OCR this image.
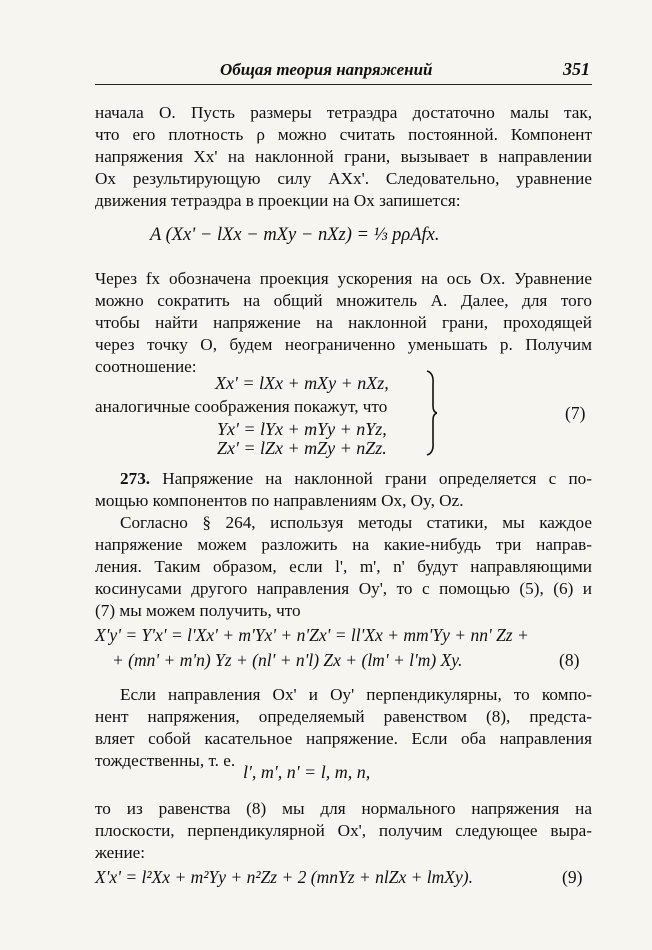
Общая теория напряжений	351
начала O. Пусть размеры тетраэдра достаточно малы так,
что его плотность ρ можно считать постоянной. Компонент
напряжения Xx' на наклонной грани, вызывает в направлении
Ox результирующую силу AXx'. Следовательно, уравнение
движения тетраэдра в проекции на Ox запишется:
A (Xx' − lXx − mXy − nXz) = ⅓ pρAfx.
Через fx обозначена проекция ускорения на ось Ox. Уравнение
можно сократить на общий множитель A. Далее, для того
чтобы найти напряжение на наклонной грани, проходящей
через точку O, будем неограниченно уменьшать p. Получим
соотношение:
Xx' = lXx + mXy + nXz,
аналогичные соображения покажут, что
Yx' = lYx + mYy + nYz,
Zx' = lZx + mZy + nZz.
(7)
273. Напряжение на наклонной грани определяется с по-
мощью компонентов по направлениям Ox, Oy, Oz.
Согласно § 264, используя методы статики, мы каждое
напряжение можем разложить на какие-нибудь три направ-
ления. Таким образом, если l', m', n' будут направляющими
косинусами другого направления Oy', то с помощью (5), (6) и
(7) мы можем получить, что
X'y' = Y'x' = l'Xx' + m'Yx' + n'Zx' = ll'Xx + mm'Yy + nn' Zz +
+ (mn' + m'n) Yz + (nl' + n'l) Zx + (lm' + l'm) Xy.	(8)
Если направления Ox' и Oy' перпендикулярны, то компо-
нент напряжения, определяемый равенством (8), предста-
вляет собой касательное напряжение. Если оба направления
тождественны, т. е.
l', m', n' = l, m, n,
то из равенства (8) мы для нормального напряжения на
плоскости, перпендикулярной Ox', получим следующее выра-
жение:
X'x' = l²Xx + m²Yy + n²Zz + 2 (mnYz + nlZx + lmXy).	(9)
